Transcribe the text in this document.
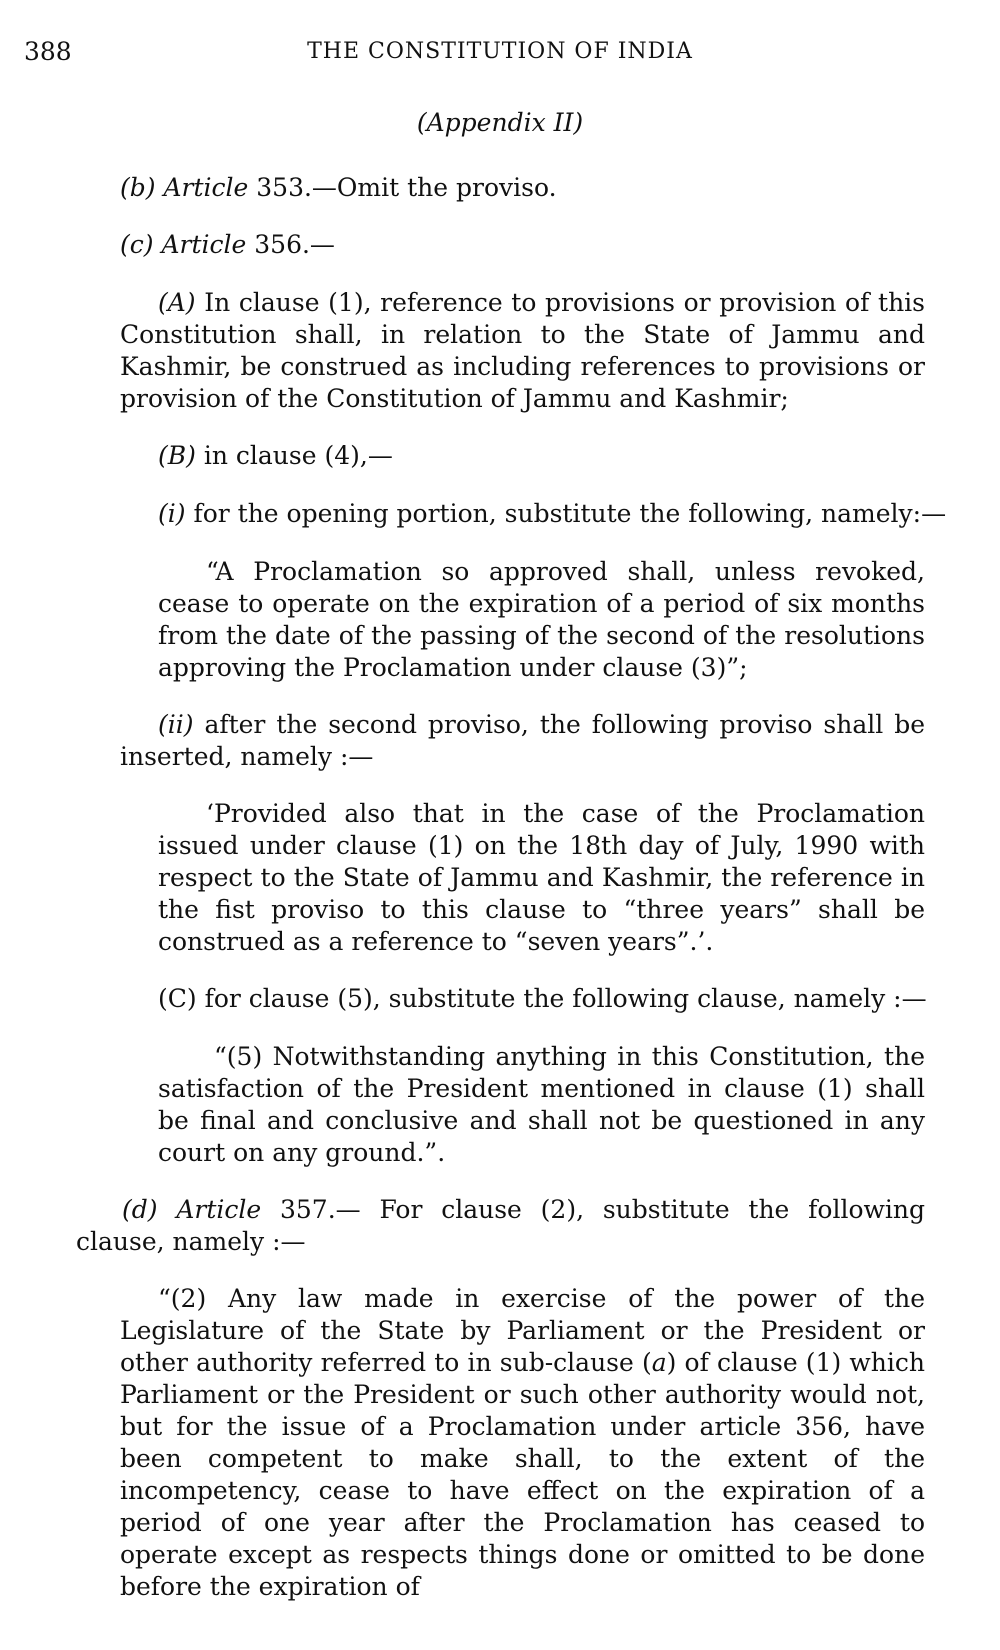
388	THE CONSTITUTION OF INDIA
(Appendix II)

(b) Article 353.—Omit the proviso.

(c) Article 356.—

(A) In clause (1), reference to provisions or provision of this Constitution shall, in relation to the State of Jammu and Kashmir, be construed as including references to provisions or provision of the Constitution of Jammu and Kashmir;

(B) in clause (4),—

(i) for the opening portion, substitute the following, namely:—

“A Proclamation so approved shall, unless revoked, cease to operate on the expiration of a period of six months from the date of the passing of the second of the resolutions approving the Proclamation under clause (3)”;

(ii) after the second proviso, the following proviso shall be inserted, namely :—

‘Provided also that in the case of the Proclamation issued under clause (1) on the 18th day of July, 1990 with respect to the State of Jammu and Kashmir, the reference in the fist proviso to this clause to “three years” shall be construed as a reference to “seven years”.’.

(C) for clause (5), substitute the following clause, namely :—

“(5) Notwithstanding anything in this Constitution, the satisfaction of the President mentioned in clause (1) shall be final and conclusive and shall not be questioned in any court on any ground.”.

(d) Article 357.— For clause (2), substitute the following clause, namely :—

“(2) Any law made in exercise of the power of the Legislature of the State by Parliament or the President or other authority referred to in sub-clause (a) of clause (1) which Parliament or the President or such other authority would not, but for the issue of a Proclamation under article 356, have been competent to make shall, to the extent of the incompetency, cease to have effect on the expiration of a period of one year after the Proclamation has ceased to operate except as respects things done or omitted to be done before the expiration of
